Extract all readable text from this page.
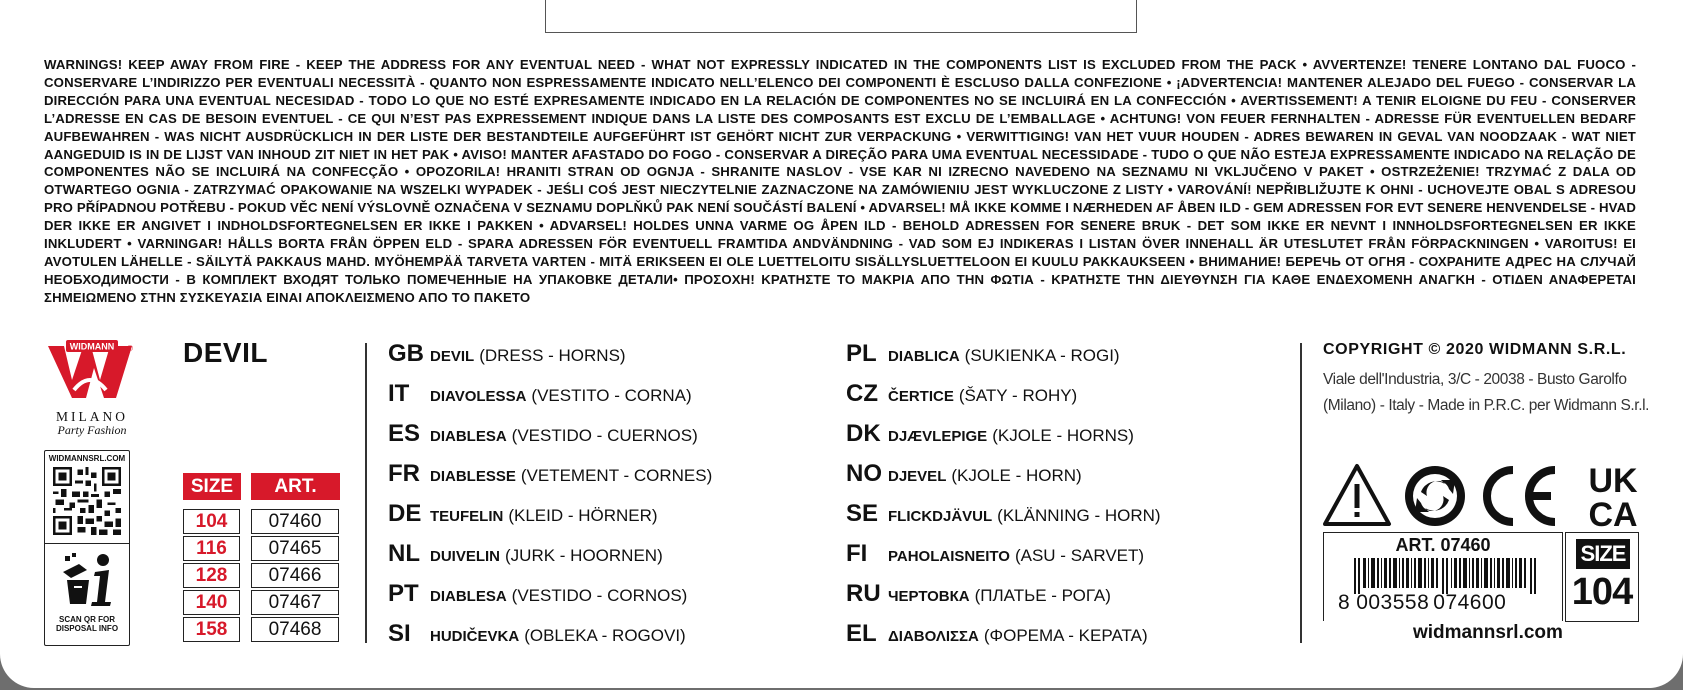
WARNINGS! KEEP AWAY FROM FIRE - KEEP THE ADDRESS FOR ANY EVENTUAL NEED - WHAT NOT EXPRESSLY INDICATED IN THE COMPONENTS LIST IS EXCLUDED FROM THE PACK • AVVERTENZE! TENERE LONTANO DAL FUOCO - CONSERVARE L’INDIRIZZO PER EVENTUALI NECESSITÀ - QUANTO NON ESPRESSAMENTE INDICATO NELL’ELENCO DEI COMPONENTI È ESCLUSO DALLA CONFEZIONE • ¡ADVERTENCIA! MANTENER ALEJADO DEL FUEGO - CONSERVAR LA DIRECCIÓN PARA UNA EVENTUAL NECESIDAD - TODO LO QUE NO ESTÉ EXPRESAMENTE INDICADO EN LA RELACIÓN DE COMPONENTES NO SE INCLUIRÁ EN LA CONFECCIÓN • AVERTISSEMENT! A TENIR ELOIGNE DU FEU - CONSERVER L’ADRESSE EN CAS DE BESOIN EVENTUEL - CE QUI N’EST PAS EXPRESSEMENT INDIQUE DANS LA LISTE DES COMPOSANTS EST EXCLU DE L’EMBALLAGE • ACHTUNG! VON FEUER FERNHALTEN - ADRESSE FÜR EVENTUELLEN BEDARF AUFBEWAHREN - WAS NICHT AUSDRÜCKLICH IN DER LISTE DER BESTANDTEILE AUFGEFÜHRT IST GEHÖRT NICHT ZUR VERPACKUNG • VERWITTIGING! VAN HET VUUR HOUDEN - ADRES BEWAREN IN GEVAL VAN NOODZAAK - WAT NIET AANGEDUID IS IN DE LIJST VAN INHOUD ZIT NIET IN HET PAK • AVISO! MANTER AFASTADO DO FOGO - CONSERVAR A DIREÇÃO PARA UMA EVENTUAL NECESSIDADE - TUDO O QUE NÃO ESTEJA EXPRESSAMENTE INDICADO NA RELAÇÃO DE COMPONENTES NÃO SE INCLUIRÁ NA CONFECÇÃO • OPOZORILA! HRANITI STRAN OD OGNJA - SHRANITE NASLOV - VSE KAR NI IZRECNO NAVEDENO NA SEZNAMU NI VKLJUČENO V PAKET • OSTRZEŻENIE! TRZYMAĆ Z DALA OD OTWARTEGO OGNIA - ZATRZYMAĆ OPAKOWANIE NA WSZELKI WYPADEK - JEŚLI COŚ JEST NIECZYTELNIE ZAZNACZONE NA ZAMÓWIENIU JEST WYKLUCZONE Z LISTY • VAROVÁNÍ! NEPŘIBLIŽUJTE K OHNI - UCHOVEJTE OBAL S ADRESOU PRO PŘÍPADNOU POTŘEBU - POKUD VĚC NENÍ VÝSLOVNĚ OZNAČENA V SEZNAMU DOPLŇKŮ PAK NENÍ SOUČÁSTÍ BALENÍ • ADVARSEL! MÅ IKKE KOMME I NÆRHEDEN AF ÅBEN ILD - GEM ADRESSEN FOR EVT SENERE HENVENDELSE - HVAD DER IKKE ER ANGIVET I INDHOLDSFORTEGNELSEN ER IKKE I PAKKEN • ADVARSEL! HOLDES UNNA VARME OG ÅPEN ILD - BEHOLD ADRESSEN FOR SENERE BRUK - DET SOM IKKE ER NEVNT I INNHOLDSFORTEGNELSEN ER IKKE INKLUDERT • VARNINGAR! HÅLLS BORTA FRÅN ÖPPEN ELD - SPARA ADRESSEN FÖR EVENTUELL FRAMTIDA ANDVÄNDNING - VAD SOM EJ INDIKERAS I LISTAN ÖVER INNEHALL ÄR UTESLUTET FRÅN FÖRPACKNINGEN • VAROITUS! EI AVOTULEN LÄHELLE - SÄILYTÄ PAKKAUS MAHD. MYÖHEMPÄÄ TARVETA VARTEN - MITÄ ERIKSEEN EI OLE LUETTELOITU SISÄLLYSLUETTELOON EI KUULU PAKKAUKSEEN • ВНИМАНИЕ! БЕРЕЧЬ ОТ ОГНЯ - СОХРАНИТЕ АДРЕС НА СЛУЧАЙ НЕОБХОДИМОСТИ - В КОМПЛЕКТ ВХОДЯТ ТОЛЬКО ПОМЕЧЕННЫЕ НА УПАКОВКЕ ДЕТАЛИ• ΠΡΟΣΟΧΗ! ΚΡΑΤΗΣΤΕ ΤΟ ΜΑΚΡΙΑ ΑΠΟ ΤΗΝ ΦΩΤΙΑ - ΚΡΑΤΗΣΤΕ ΤΗΝ ΔΙΕΥΘΥΝΣΗ ΓΙΑ ΚΑΘΕ ΕΝΔΕΧΟΜΕΝΗ ΑΝΑΓΚΗ - ΟΤΙΔΕΝ ΑΝΑΦΕΡΕΤΑΙ ΣΗΜΕΙΩΜΕΝΟ ΣΤΗΝ ΣΥΣΚΕΥΑΣΙΑ ΕΙΝΑΙ ΑΠΟΚΛΕΙΣΜΕΝΟ ΑΠΟ ΤΟ ΠΑΚΕΤΟ
WIDMANN ®
MILANO
Party Fashion
WIDMANNSRL.COM
SCAN QR FOR
DISPOSAL INFO
DEVIL
SIZE	ART.
104	07460
116	07465
128	07466
140	07467
158	07468
GB DEVIL (DRESS - HORNS)
IT	DIAVOLESSA (VESTITO - CORNA)
ES DIABLESA (VESTIDO - CUERNOS)
FR DIABLESSE (VETEMENT - CORNES)
DE TEUFELIN (KLEID - HÖRNER)
NL DUIVELIN (JURK - HOORNEN)
PT DIABLESA (VESTIDO - CORNOS)
SI	HUDIČEVKA (OBLEKA - ROGOVI)
PL DIABLICA (SUKIENKA - ROGI)
CZ ČERTICE (ŠATY - ROHY)
DK DJÆVLEPIGE (KJOLE - HORNS)
NO DJEVEL (KJOLE - HORN)
SE FLICKDJÄVUL (KLÄNNING - HORN)
FI	PAHOLAISNEITO (ASU - SARVET)
RU ЧЕРТОВКА (ПЛАТЬЕ - РОГА)
EL ΔΙΑΒΟΛΙΣΣΑ (ΦΟΡΕΜΑ - ΚΕΡΑΤΑ)
COPYRIGHT © 2020 WIDMANN S.R.L.
Viale dell'Industria, 3/C - 20038 - Busto Garolfo
(Milano) - Italy - Made in P.R.C. per Widmann S.r.l.
UK
CA
ART. 07460
8 003558 074600
SIZE
104
widmannsrl.com
